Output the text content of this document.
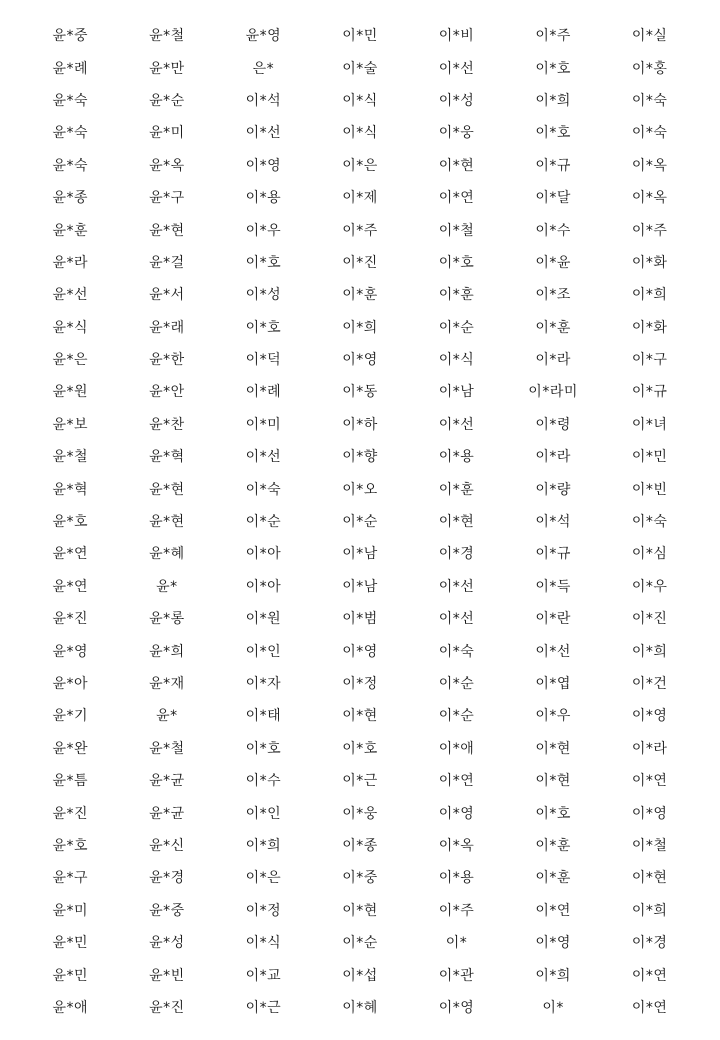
윤*중	윤*철	윤*영	이*민	이*비	이*주	이*실
윤*례	윤*만	은*	이*술	이*선	이*호	이*홍
윤*숙	윤*순	이*석	이*식	이*성	이*희	이*숙
윤*숙	윤*미	이*선	이*식	이*웅	이*호	이*숙
윤*숙	윤*옥	이*영	이*은	이*현	이*규	이*옥
윤*종	윤*구	이*용	이*제	이*연	이*달	이*옥
윤*훈	윤*현	이*우	이*주	이*철	이*수	이*주
윤*라	윤*걸	이*호	이*진	이*호	이*윤	이*화
윤*선	윤*서	이*성	이*훈	이*훈	이*조	이*희
윤*식	윤*래	이*호	이*희	이*순	이*훈	이*화
윤*은	윤*한	이*덕	이*영	이*식	이*라	이*구
윤*원	윤*안	이*례	이*동	이*남	이*라미	이*규
윤*보	윤*찬	이*미	이*하	이*선	이*령	이*녀
윤*철	윤*혁	이*선	이*향	이*용	이*라	이*민
윤*혁	윤*현	이*숙	이*오	이*훈	이*량	이*빈
윤*호	윤*현	이*순	이*순	이*현	이*석	이*숙
윤*연	윤*혜	이*아	이*남	이*경	이*규	이*심
윤*연	윤*	이*아	이*남	이*선	이*득	이*우
윤*진	윤*롱	이*원	이*범	이*선	이*란	이*진
윤*영	윤*희	이*인	이*영	이*숙	이*선	이*희
윤*아	윤*재	이*자	이*정	이*순	이*엽	이*건
윤*기	윤*	이*태	이*현	이*순	이*우	이*영
윤*완	윤*철	이*호	이*호	이*애	이*현	이*라
윤*틈	윤*균	이*수	이*근	이*연	이*현	이*연
윤*진	윤*균	이*인	이*웅	이*영	이*호	이*영
윤*호	윤*신	이*희	이*종	이*옥	이*훈	이*철
윤*구	윤*경	이*은	이*중	이*용	이*훈	이*현
윤*미	윤*중	이*정	이*현	이*주	이*연	이*희
윤*민	윤*성	이*식	이*순	이*	이*영	이*경
윤*민	윤*빈	이*교	이*섭	이*관	이*희	이*연
윤*애	윤*진	이*근	이*혜	이*영	이*	이*연
